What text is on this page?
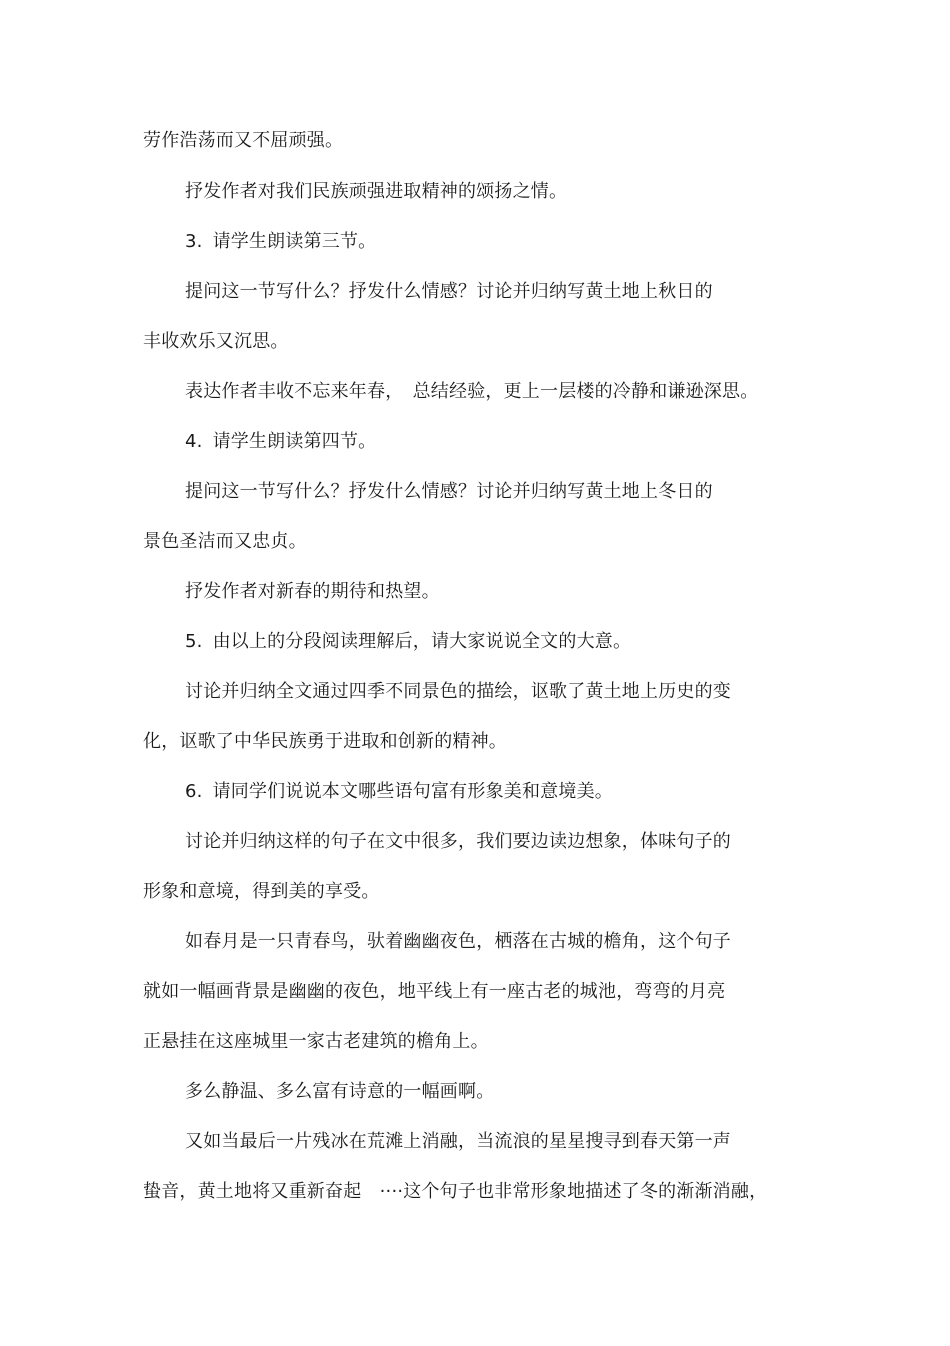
劳作浩荡而又不屈顽强。
抒发作者对我们民族顽强进取精神的颂扬之情。
3. 请学生朗读第三节。
提问这一节写什么？抒发什么情感？讨论并归纳写黄土地上秋日的
丰收欢乐又沉思。
表达作者丰收不忘来年春，　总结经验，更上一层楼的冷静和谦逊深思。
4. 请学生朗读第四节。
提问这一节写什么？抒发什么情感？讨论并归纳写黄土地上冬日的
景色圣洁而又忠贞。
抒发作者对新春的期待和热望。
5. 由以上的分段阅读理解后，请大家说说全文的大意。
讨论并归纳全文通过四季不同景色的描绘，讴歌了黄土地上历史的变
化，讴歌了中华民族勇于进取和创新的精神。
6. 请同学们说说本文哪些语句富有形象美和意境美。
讨论并归纳这样的句子在文中很多，我们要边读边想象，体味句子的
形象和意境，得到美的享受。
如春月是一只青春鸟，驮着幽幽夜色，栖落在古城的檐角，这个句子
就如一幅画背景是幽幽的夜色，地平线上有一座古老的城池，弯弯的月亮
正悬挂在这座城里一家古老建筑的檐角上。
多么静温、多么富有诗意的一幅画啊。
又如当最后一片残冰在荒滩上消融，当流浪的星星搜寻到春天第一声
蛰音，黄土地将又重新奋起　····这个句子也非常形象地描述了冬的渐渐消融，
